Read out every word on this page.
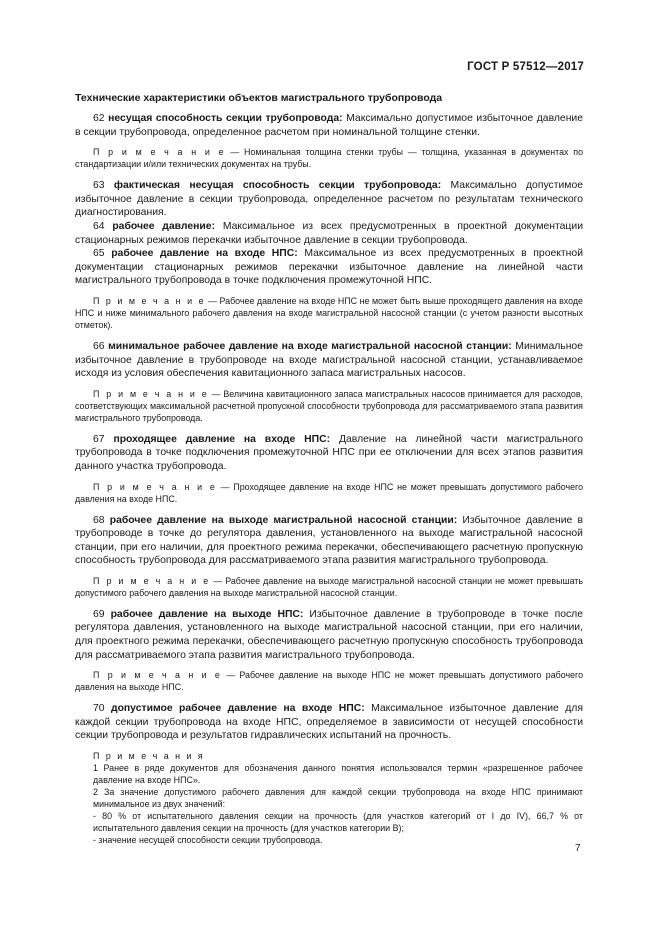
ГОСТ Р 57512—2017
Технические характеристики объектов магистрального трубопровода
62 несущая способность секции трубопровода: Максимально допустимое избыточное давление в секции трубопровода, определенное расчетом при номинальной толщине стенки.
П р и м е ч а н и е — Номинальная толщина стенки трубы — толщина, указанная в документах по стандартизации и/или технических документах на трубы.
63 фактическая несущая способность секции трубопровода: Максимально допустимое избыточное давление в секции трубопровода, определенное расчетом по результатам технического диагностирования.
64 рабочее давление: Максимальное из всех предусмотренных в проектной документации стационарных режимов перекачки избыточное давление в секции трубопровода.
65 рабочее давление на входе НПС: Максимальное из всех предусмотренных в проектной документации стационарных режимов перекачки избыточное давление на линейной части магистрального трубопровода в точке подключения промежуточной НПС.
П р и м е ч а н и е — Рабочее давление на входе НПС не может быть выше проходящего давления на входе НПС и ниже минимального рабочего давления на входе магистральной насосной станции (с учетом разности высотных отметок).
66 минимальное рабочее давление на входе магистральной насосной станции: Минимальное избыточное давление в трубопроводе на входе магистральной насосной станции, устанавливаемое исходя из условия обеспечения кавитационного запаса магистральных насосов.
П р и м е ч а н и е — Величина кавитационного запаса магистральных насосов принимается для расходов, соответствующих максимальной расчетной пропускной способности трубопровода для рассматриваемого этапа развития магистрального трубопровода.
67 проходящее давление на входе НПС: Давление на линейной части магистрального трубопровода в точке подключения промежуточной НПС при ее отключении для всех этапов развития данного участка трубопровода.
П р и м е ч а н и е — Проходящее давление на входе НПС не может превышать допустимого рабочего давления на входе НПС.
68 рабочее давление на выходе магистральной насосной станции: Избыточное давление в трубопроводе в точке до регулятора давления, установленного на выходе магистральной насосной станции, при его наличии, для проектного режима перекачки, обеспечивающего расчетную пропускную способность трубопровода для рассматриваемого этапа развития магистрального трубопровода.
П р и м е ч а н и е — Рабочее давление на выходе магистральной насосной станции не может превышать допустимого рабочего давления на выходе магистральной насосной станции.
69 рабочее давление на выходе НПС: Избыточное давление в трубопроводе в точке после регулятора давления, установленного на выходе магистральной насосной станции, при его наличии, для проектного режима перекачки, обеспечивающего расчетную пропускную способность трубопровода для рассматриваемого этапа развития магистрального трубопровода.
П р и м е ч а н и е — Рабочее давление на выходе НПС не может превышать допустимого рабочего давления на выходе НПС.
70 допустимое рабочее давление на входе НПС: Максимальное избыточное давление для каждой секции трубопровода на входе НПС, определяемое в зависимости от несущей способности секции трубопровода и результатов гидравлических испытаний на прочность.
П р и м е ч а н и я
1 Ранее в ряде документов для обозначения данного понятия использовался термин «разрешенное рабочее давление на входе НПС».
2 За значение допустимого рабочего давления для каждой секции трубопровода на входе НПС принимают минимальное из двух значений:
- 80 % от испытательного давления секции на прочность (для участков категорий от I до IV), 66,7 % от испытательного давления секции на прочность (для участков категории В);
- значение несущей способности секции трубопровода.
7
